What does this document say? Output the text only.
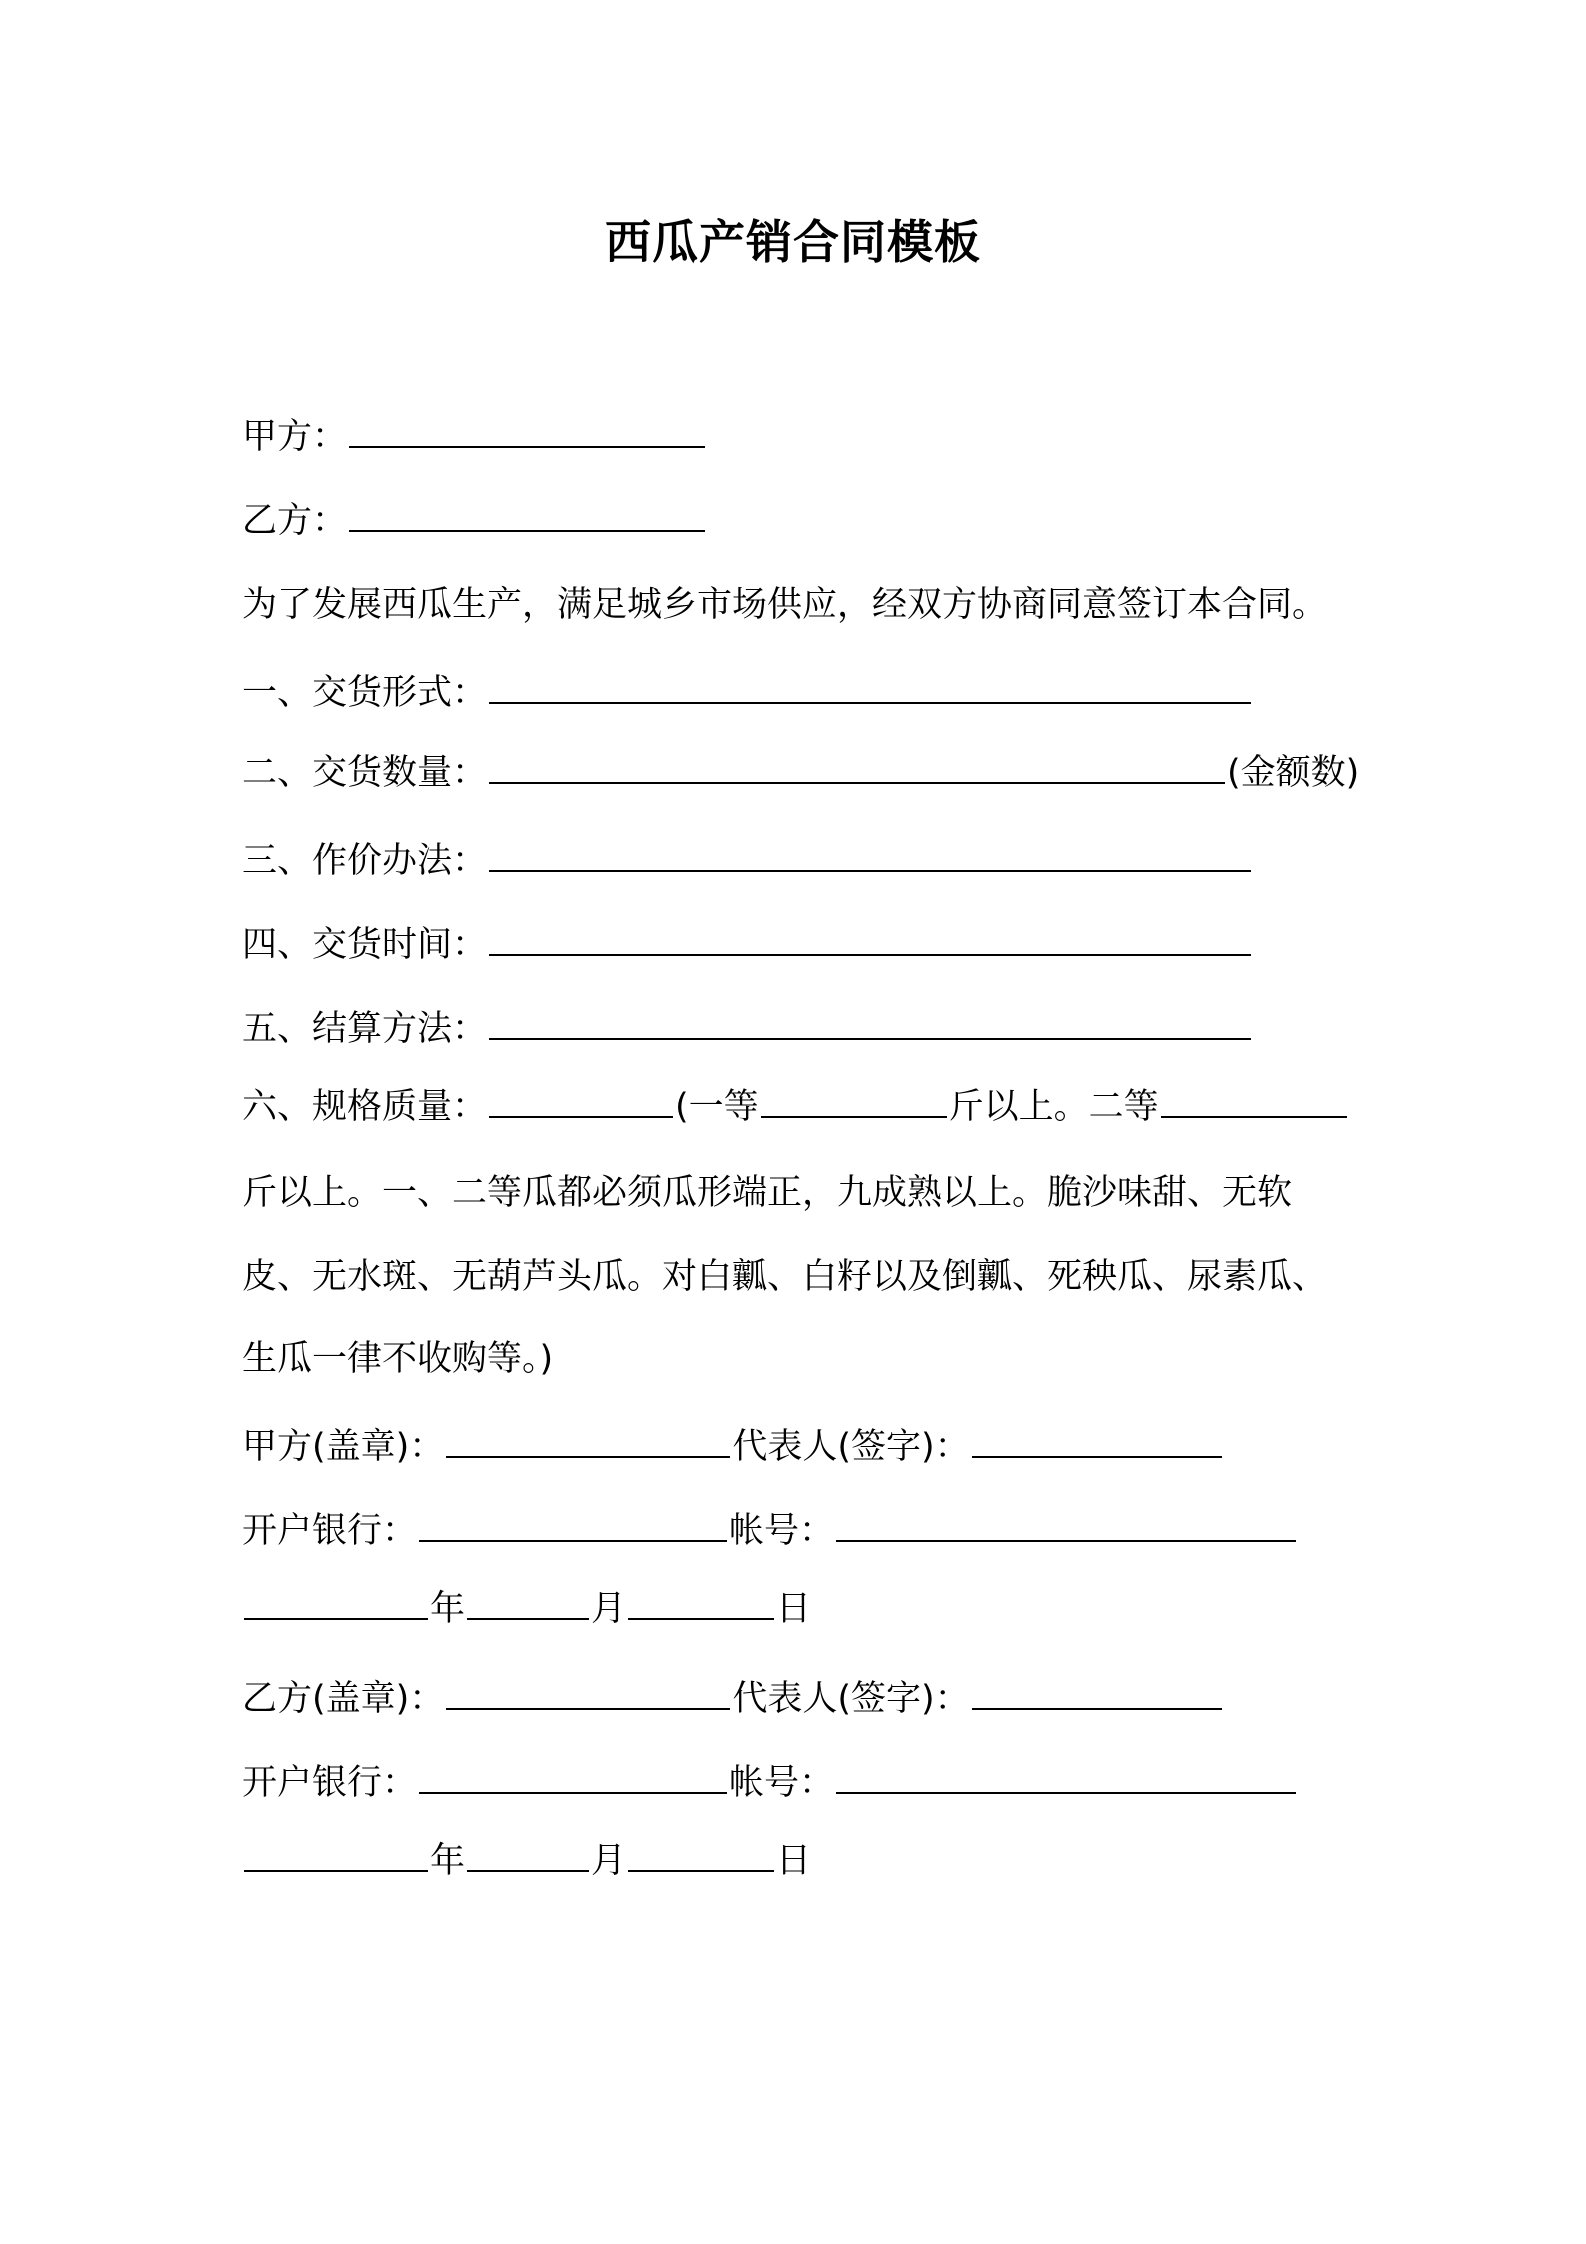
西瓜产销合同模板
甲方：
乙方：
为了发展西瓜生产，满足城乡市场供应，经双方协商同意签订本合同。
一、交货形式：
二、交货数量：	(金额数)
三、作价办法：
四、交货时间：
五、结算方法：
六、规格质量：	(一等	斤以上。二等
斤以上。一、二等瓜都必须瓜形端正，九成熟以上。脆沙味甜、无软
皮、无水斑、无葫芦头瓜。对白瓤、白籽以及倒瓤、死秧瓜、尿素瓜、
生瓜一律不收购等。)
甲方(盖章)：	代表人(签字)：
开户银行：	帐号：
年	月	日
乙方(盖章)：	代表人(签字)：
开户银行：	帐号：
年	月	日
